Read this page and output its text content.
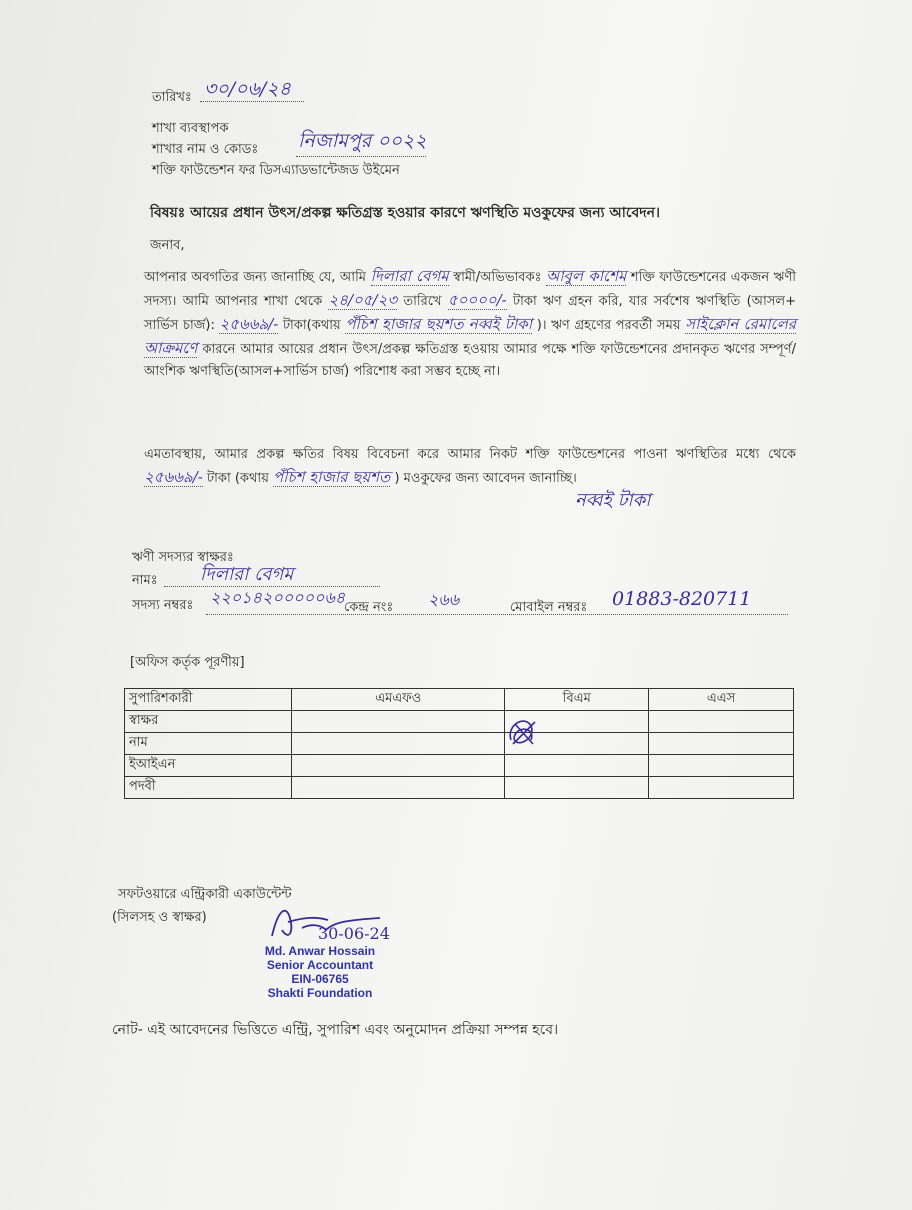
তারিখঃ ৩০/০৬/২৪
শাখা ব্যবস্থাপক
শাখার নাম ও কোডঃ নিজামপুর ০০২২
শক্তি ফাউন্ডেশন ফর ডিসএ্যাডভান্টেজড উইমেন
বিষয়ঃ আয়ের প্রধান উৎস/প্রকল্প ক্ষতিগ্রস্ত হওয়ার কারণে ঋণস্থিতি মওকুফের জন্য আবেদন।
জনাব,
আপনার অবগতির জন্য জানাচ্ছি যে, আমি দিলারা বেগম স্বামী/অভিভাবকঃ আবুল কাশেম শক্তি ফাউন্ডেশনের একজন ঋণী সদস্য। আমি আপনার শাখা থেকে ২৪/০৫/২৩ তারিখে ৫০০০০/- টাকা ঋণ গ্রহন করি, যার সর্বশেষ ঋণস্থিতি (আসল+ সার্ভিস চার্জ): ২৫৬৬৯/- টাকা(কথায় পঁচিশ হাজার ছয়শত নব্বই টাকা )। ঋণ গ্রহণের পরবর্তী সময় সাইক্লোন রেমালের আক্রমণে কারনে আমার আয়ের প্রধান উৎস/প্রকল্প ক্ষতিগ্রস্ত হওয়ায় আমার পক্ষে শক্তি ফাউন্ডেশনের প্রদানকৃত ঋণের সম্পূর্ণ/আংশিক ঋণস্থিতি(আসল+সার্ভিস চার্জ) পরিশোধ করা সম্ভব হচ্ছে না।
এমতাবস্থায়, আমার প্রকল্প ক্ষতির বিষয় বিবেচনা করে আমার নিকট শক্তি ফাউন্ডেশনের পাওনা ঋণস্থিতির মধ্যে থেকে ২৫৬৬৯/- টাকা (কথায় পঁচিশ হাজার ছয়শত ) মওকুফের জন্য আবেদন জানাচ্ছি।
নব্বই টাকা
ঋণী সদস্যর স্বাক্ষরঃ
নামঃ দিলারা বেগম
সদস্য নম্বরঃ ২২০১৪২০০০০০৬৪
কেন্দ্র নংঃ ২৬৬	মোবাইল নম্বরঃ 01883-820711
[অফিস কর্তৃক পূরণীয়]
সুপারিশকারী	এমএফও	বিএম	এএস
স্বাক্ষর			
নাম			
ইআইএন			
পদবী			
সফটওয়ারে এন্ট্রিকারী একাউন্টেন্ট
(সিলসহ ও স্বাক্ষর)
30-06-24
Md. Anwar Hossain
Senior Accountant
EIN-06765
Shakti Foundation
নোট- এই আবেদনের ভিত্তিতে এন্ট্রি, সুপারিশ এবং অনুমোদন প্রক্রিয়া সম্পন্ন হবে।
